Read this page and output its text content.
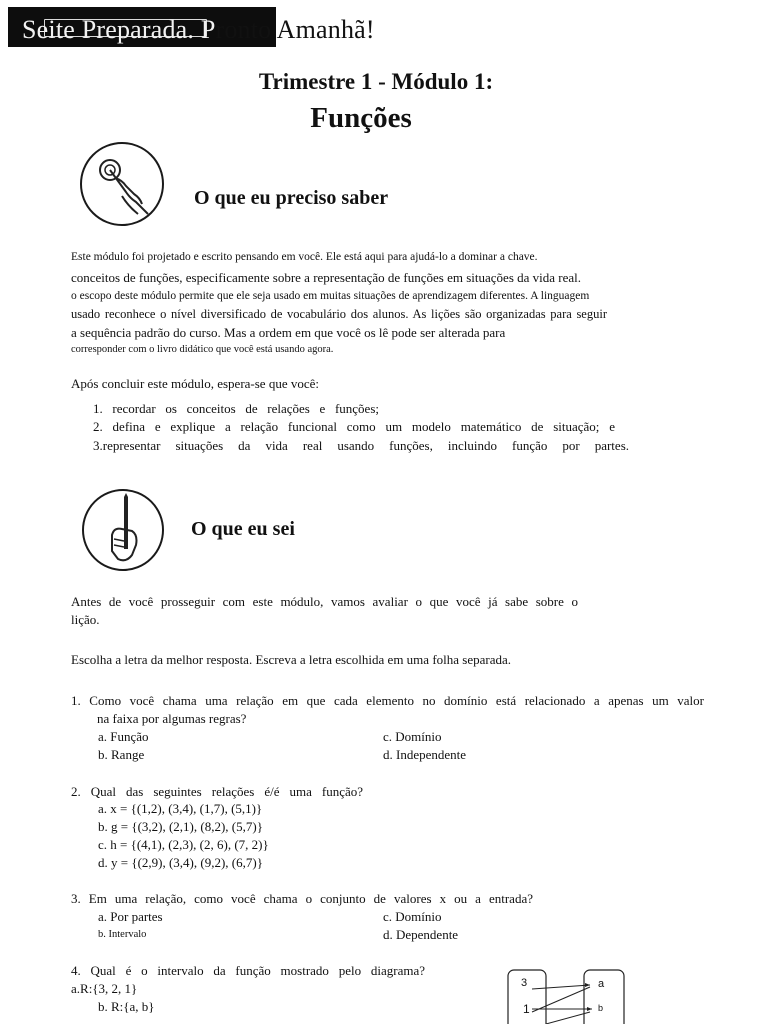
Seite Preparada. Pronto Amanhã!
Trimestre 1 - Módulo 1:
Funções
O que eu preciso saber

Este módulo foi projetado e escrito pensando em você. Ele está aqui para ajudá-lo a dominar a chave.

conceitos de funções, especificamente sobre a representação de funções em situações da vida real.

o escopo deste módulo permite que ele seja usado em muitas situações de aprendizagem diferentes. A linguagem

usado reconhece o nível diversificado de vocabulário dos alunos. As lições são organizadas para seguir

a sequência padrão do curso. Mas a ordem em que você os lê pode ser alterada para

corresponder com o livro didático que você está usando agora.

Após concluir este módulo, espera-se que você:

1. recordar os conceitos de relações e funções;

2. defina e explique a relação funcional como um modelo matemático de situação; e

3.representar situações da vida real usando funções, incluindo função por partes.

O que eu sei

Antes de você prosseguir com este módulo, vamos avaliar o que você já sabe sobre o

lição.

Escolha a letra da melhor resposta. Escreva a letra escolhida em uma folha separada.

1. Como você chama uma relação em que cada elemento no domínio está relacionado a apenas um valor

na faixa por algumas regras?

a. Função	c. Domínio

b. Range	d. Independente

2. Qual das seguintes relações é/é uma função?

a. x = {(1,2), (3,4), (1,7), (5,1)}

b. g = {(3,2), (2,1), (8,2), (5,7)}

c. h = {(4,1), (2,3), (2, 6), (7, 2)}

d. y = {(2,9), (3,4), (9,2), (6,7)}

3. Em uma relação, como você chama o conjunto de valores x ou a entrada?

a. Por partes	c. Domínio

b. Intervalo	d. Dependente

4. Qual é o intervalo da função mostrado pelo diagrama?

a.R:{3, 2, 1}

b. R:{a, b}

3
1
a
b
